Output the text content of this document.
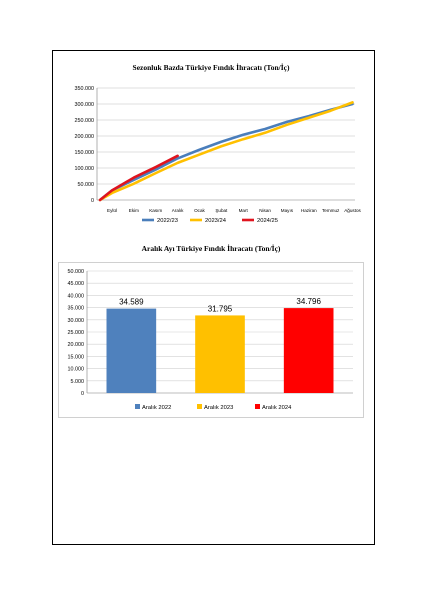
Sezonluk Bazda Türkiye Fındık İhracatı (Ton/İç)
0
50.000
100.000
150.000
200.000
250.000
300.000
350.000
Eylül	Ekim Kasım Aralık Ocak Şubat Mart Nisan Mayıs Haziran Temmuz Ağustos
2022/23	2023/24	2024/25
0
5.000
10.000
15.000
20.000
25.000
30.000
35.000
40.000
45.000
50.000
34.589
31.795
34.796
Aralık 2022	Aralık 2023	Aralık 2024
Aralık Ayı Türkiye Fındık İhracatı (Ton/İç)
